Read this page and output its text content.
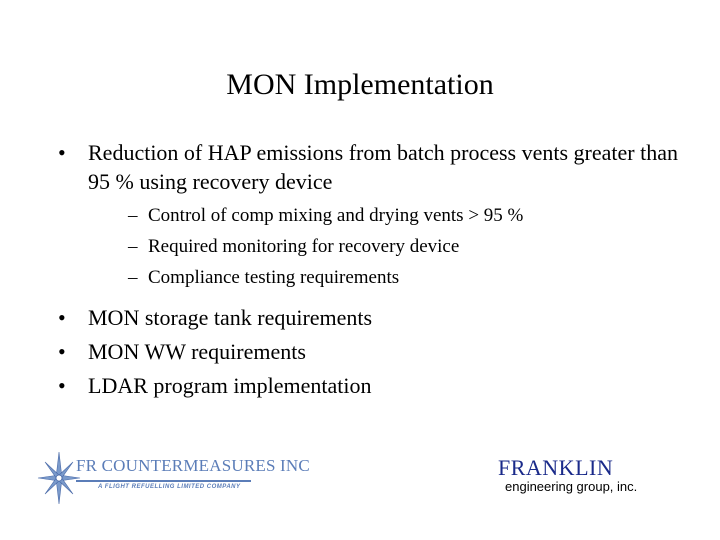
MON Implementation
• Reduction of HAP emissions from batch process vents greater than 95 % using recovery device
– Control of comp mixing and drying vents > 95 %
– Required monitoring for recovery device
– Compliance testing requirements
• MON storage tank requirements
• MON WW requirements
• LDAR program implementation
FR COUNTERMEASURES INC
A FLIGHT REFUELLING LIMITED COMPANY
FRANKLIN
engineering group, inc.
